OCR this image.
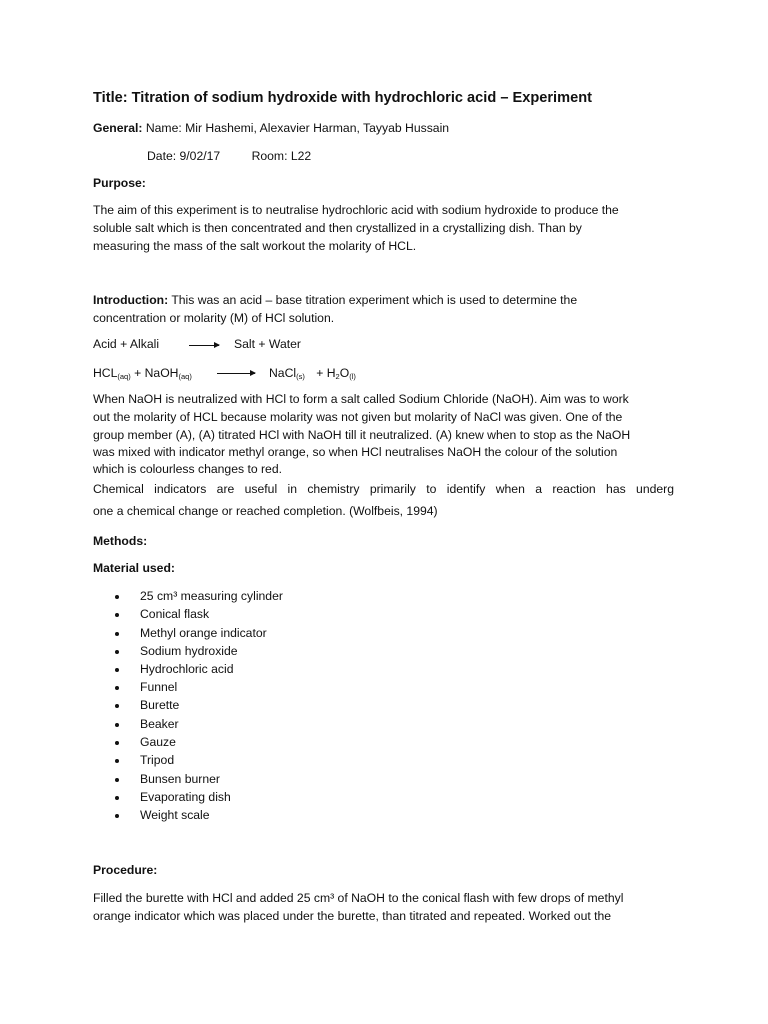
Title: Titration of sodium hydroxide with hydrochloric acid – Experiment
General: Name: Mir Hashemi, Alexavier Harman, Tayyab Hussain
Date: 9/02/17	Room: L22
Purpose:
The aim of this experiment is to neutralise hydrochloric acid with sodium hydroxide to produce the
soluble salt which is then concentrated and then crystallized in a crystallizing dish. Than by
measuring the mass of the salt workout the molarity of HCL.
Introduction: This was an acid – base titration experiment which is used to determine the
concentration or molarity (M) of HCl solution.
Acid + Alkali	Salt + Water
$HCL_{(aq)}$ + NaOH$_{(aq)}$	NaCl$_{(s)}$ + $H_2O_{(l)}$
When NaOH is neutralized with HCl to form a salt called Sodium Chloride (NaOH). Aim was to work
out the molarity of HCL because molarity was not given but molarity of NaCl was given. One of the
group member (A), (A) titrated HCl with NaOH till it neutralized. (A) knew when to stop as the NaOH
was mixed with indicator methyl orange, so when HCl neutralises NaOH the colour of the solution
which is colourless changes to red.
Chemical indicators are useful in chemistry primarily to identify when a reaction has underg
one a chemical change or reached completion. (Wolfbeis, 1994)
Methods:
Material used:
25 cm³ measuring cylinder
Conical flask
Methyl orange indicator
Sodium hydroxide
Hydrochloric acid
Funnel
Burette
Beaker
Gauze
Tripod
Bunsen burner
Evaporating dish
Weight scale
Procedure:
Filled the burette with HCl and added 25 cm³ of NaOH to the conical flash with few drops of methyl
orange indicator which was placed under the burette, than titrated and repeated. Worked out the
